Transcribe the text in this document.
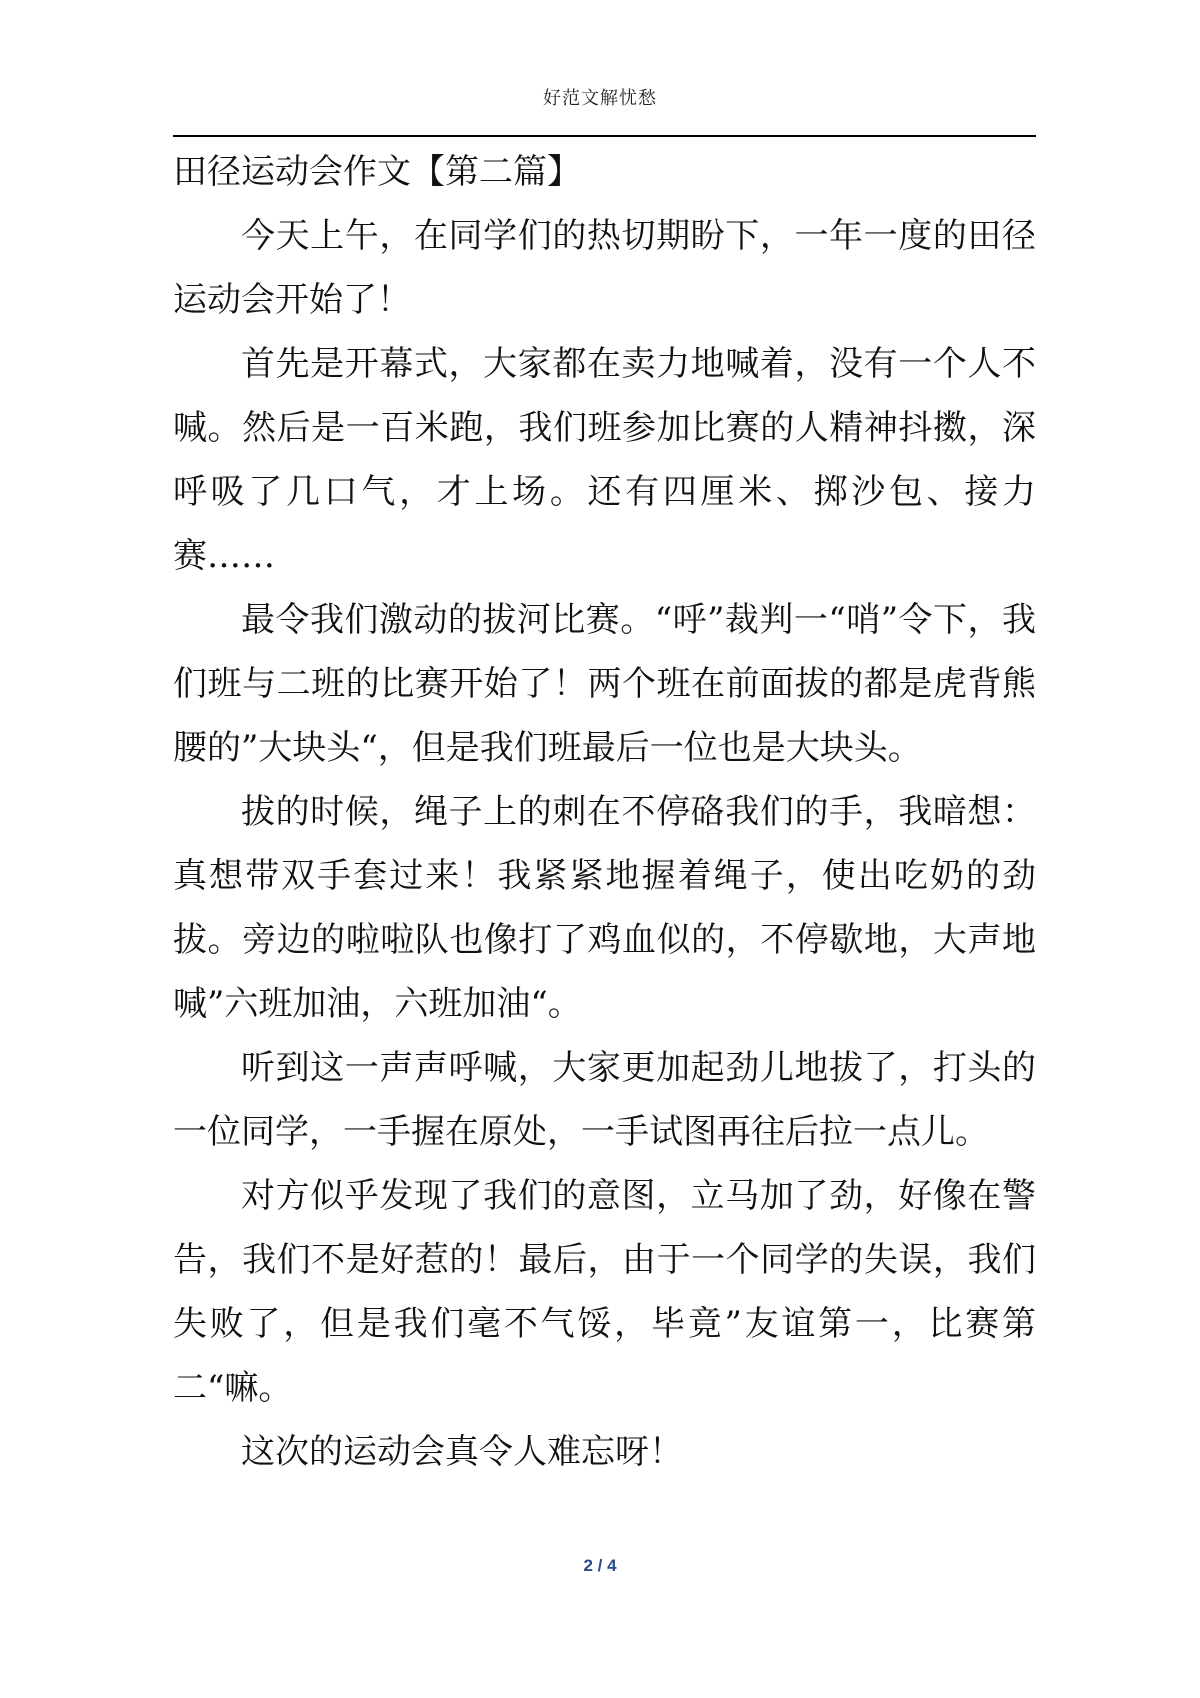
好范文解忧愁
田径运动会作文【第二篇】

今天上午，在同学们的热切期盼下，一年一度的田径运动会开始了！

首先是开幕式，大家都在卖力地喊着，没有一个人不喊。然后是一百米跑，我们班参加比赛的人精神抖擞，深呼吸了几口气，才上场。还有四厘米、掷沙包、接力赛……

最令我们激动的拔河比赛。“呼”裁判一“哨”令下，我们班与二班的比赛开始了！两个班在前面拔的都是虎背熊腰的”大块头“，但是我们班最后一位也是大块头。

拔的时候，绳子上的刺在不停硌我们的手，我暗想：真想带双手套过来！我紧紧地握着绳子，使出吃奶的劲拔。旁边的啦啦队也像打了鸡血似的，不停歇地，大声地喊”六班加油，六班加油“。

听到这一声声呼喊，大家更加起劲儿地拔了，打头的一位同学，一手握在原处，一手试图再往后拉一点儿。

对方似乎发现了我们的意图，立马加了劲，好像在警告，我们不是好惹的！最后，由于一个同学的失误，我们失败了，但是我们毫不气馁，毕竟”友谊第一，比赛第二“嘛。

这次的运动会真令人难忘呀！

2 / 4
